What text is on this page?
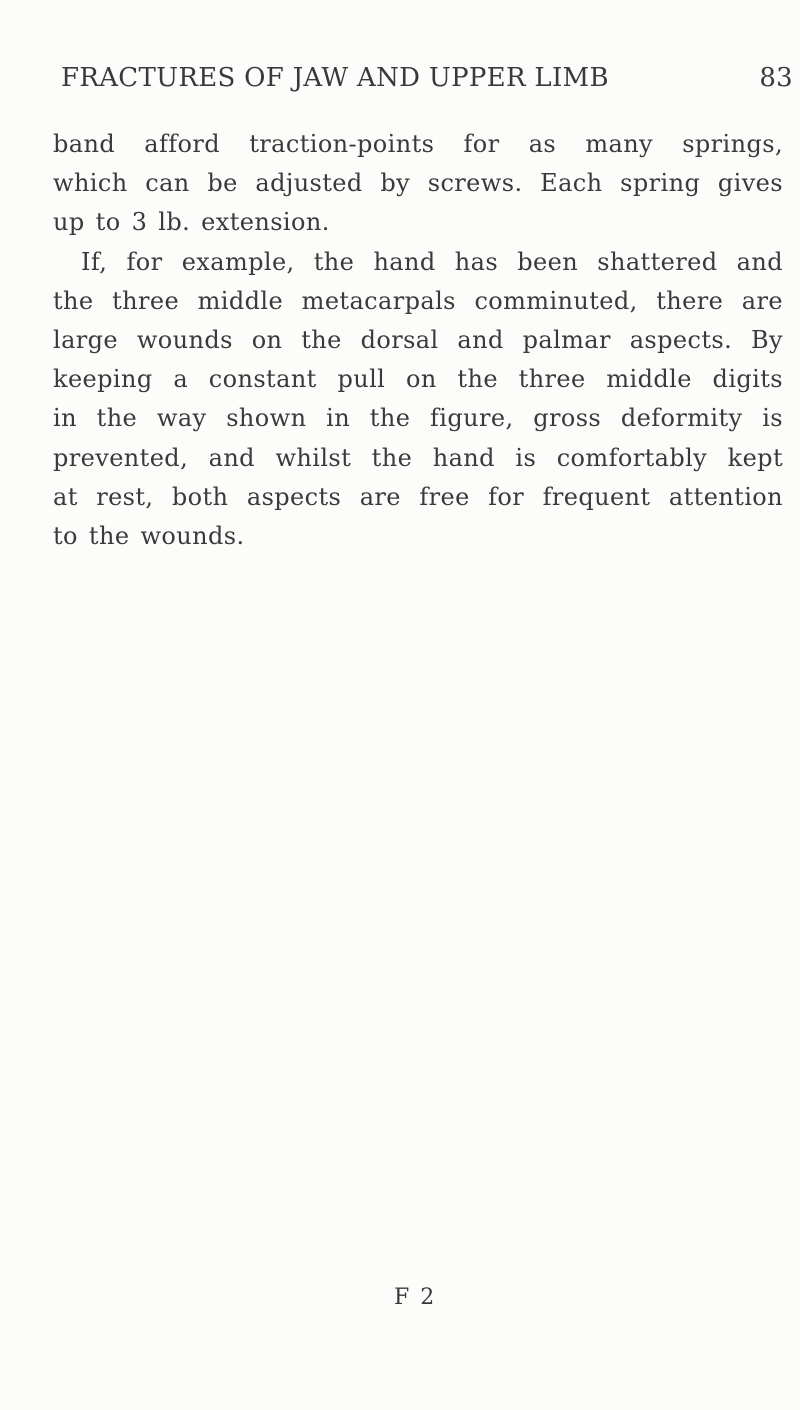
FRACTURES OF JAW AND UPPER LIMB	83
band afford traction-points for as many springs,
which can be adjusted by screws. Each spring gives
up to 3 lb. extension.
If, for example, the hand has been shattered and
the three middle metacarpals comminuted, there are
large wounds on the dorsal and palmar aspects. By
keeping a constant pull on the three middle digits
in the way shown in the figure, gross deformity is
prevented, and whilst the hand is comfortably kept
at rest, both aspects are free for frequent attention
to the wounds.
F 2
